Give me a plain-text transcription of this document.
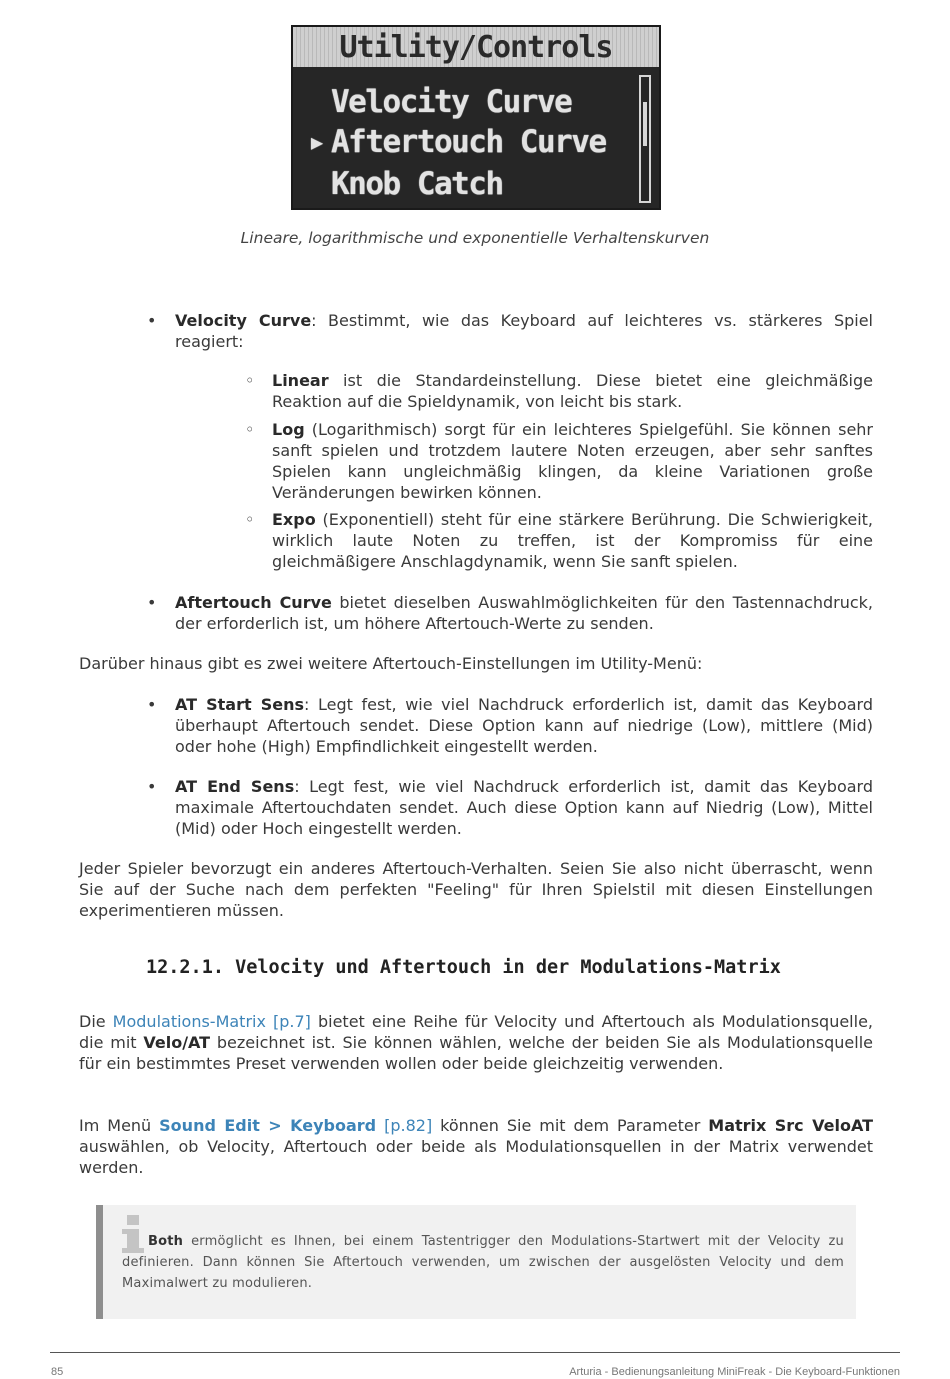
Utility/Controls
Velocity Curve
▶ Aftertouch Curve
Knob Catch
Lineare, logarithmische und exponentielle Verhaltenskurven
• Velocity Curve: Bestimmt, wie das Keyboard auf leichteres vs. stärkeres Spiel reagiert:

◦ Linear ist die Standardeinstellung. Diese bietet eine gleichmäßige Reaktion auf die Spieldynamik, von leicht bis stark.

◦ Log (Logarithmisch) sorgt für ein leichteres Spielgefühl. Sie können sehr sanft spielen und trotzdem lautere Noten erzeugen, aber sehr sanftes Spielen kann ungleichmäßig klingen, da kleine Variationen große Veränderungen bewirken können.

◦ Expo (Exponentiell) steht für eine stärkere Berührung. Die Schwierigkeit, wirklich laute Noten zu treffen, ist der Kompromiss für eine gleichmäßigere Anschlagdynamik, wenn Sie sanft spielen.

• Aftertouch Curve bietet dieselben Auswahlmöglichkeiten für den Tastennachdruck, der erforderlich ist, um höhere Aftertouch-Werte zu senden.

Darüber hinaus gibt es zwei weitere Aftertouch-Einstellungen im Utility-Menü:

• AT Start Sens: Legt fest, wie viel Nachdruck erforderlich ist, damit das Keyboard überhaupt Aftertouch sendet. Diese Option kann auf niedrige (Low), mittlere (Mid) oder hohe (High) Empfindlichkeit eingestellt werden.

• AT End Sens: Legt fest, wie viel Nachdruck erforderlich ist, damit das Keyboard maximale Aftertouchdaten sendet. Auch diese Option kann auf Niedrig (Low), Mittel (Mid) oder Hoch eingestellt werden.

Jeder Spieler bevorzugt ein anderes Aftertouch-Verhalten. Seien Sie also nicht überrascht, wenn Sie auf der Suche nach dem perfekten "Feeling" für Ihren Spielstil mit diesen Einstellungen experimentieren müssen.

12.2.1. Velocity und Aftertouch in der Modulations-Matrix

Die Modulations-Matrix [p.7] bietet eine Reihe für Velocity und Aftertouch als Modulationsquelle, die mit Velo/AT bezeichnet ist. Sie können wählen, welche der beiden Sie als Modulationsquelle für ein bestimmtes Preset verwenden wollen oder beide gleichzeitig verwenden.

Im Menü Sound Edit > Keyboard [p.82] können Sie mit dem Parameter Matrix Src VeloAT auswählen, ob Velocity, Aftertouch oder beide als Modulationsquellen in der Matrix verwendet werden.

Both ermöglicht es Ihnen, bei einem Tastentrigger den Modulations-Startwert mit der Velocity zu definieren. Dann können Sie Aftertouch verwenden, um zwischen der ausgelösten Velocity und dem Maximalwert zu modulieren.
85	Arturia - Bedienungsanleitung MiniFreak - Die Keyboard-Funktionen
